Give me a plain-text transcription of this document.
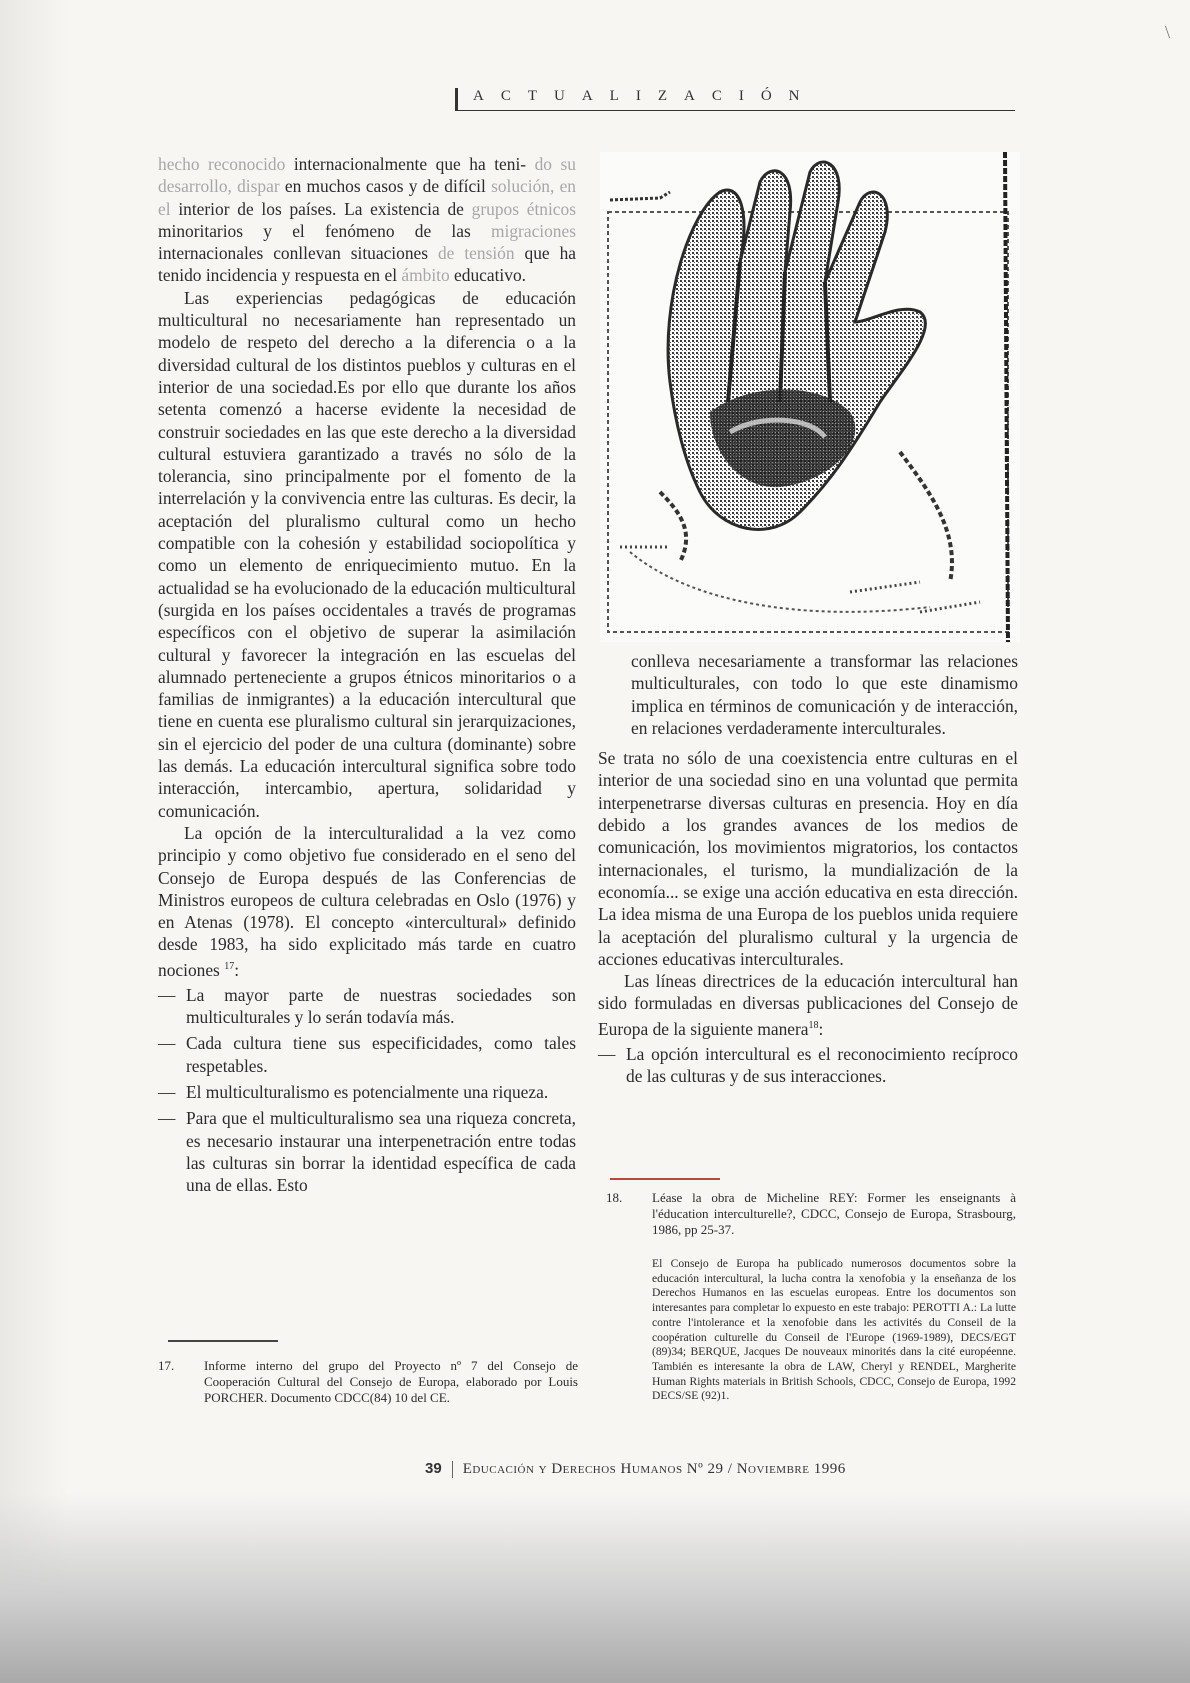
\
ACTUALIZACIÓN

hecho reconocido internacionalmente que ha teni- do su desarrollo, dispar en muchos casos y de difícil solución, en el interior de los países. La existencia de grupos étnicos minoritarios y el fenómeno de las migraciones internacionales conllevan situaciones de tensión que ha tenido incidencia y respuesta en el ámbito educativo.

Las experiencias pedagógicas de educación multicultural no necesariamente han representado un modelo de respeto del derecho a la diferencia o a la diversidad cultural de los distintos pueblos y culturas en el interior de una sociedad.Es por ello que durante los años setenta comenzó a hacerse evidente la necesidad de construir sociedades en las que este derecho a la diversidad cultural estuviera garantizado a través no sólo de la tolerancia, sino principalmente por el fomento de la interrelación y la convivencia entre las culturas. Es decir, la aceptación del pluralismo cultural como un hecho compatible con la cohesión y estabilidad sociopolítica y como un elemento de enriquecimiento mutuo. En la actualidad se ha evolucionado de la educación multicultural (surgida en los países occidentales a través de programas específicos con el objetivo de superar la asimilación cultural y favorecer la integración en las escuelas del alumnado perteneciente a grupos étnicos minoritarios o a familias de inmigrantes) a la educación intercultural que tiene en cuenta ese pluralismo cultural sin jerarquizaciones, sin el ejercicio del poder de una cultura (dominante) sobre las demás. La educación intercultural significa sobre todo interacción, intercambio, apertura, solidaridad y comunicación.

La opción de la interculturalidad a la vez como principio y como objetivo fue considerado en el seno del Consejo de Europa después de las Conferencias de Ministros europeos de cultura celebradas en Oslo (1976) y en Atenas (1978). El concepto «intercultural» definido desde 1983, ha sido explicitado más tarde en cuatro nociones $^{17}$:

— La mayor parte de nuestras sociedades son multiculturales y lo serán todavía más.
— Cada cultura tiene sus especificidades, como tales respetables.
— El multiculturalismo es potencialmente una riqueza.
— Para que el multiculturalismo sea una riqueza concreta, es necesario instaurar una interpenetración entre todas las culturas sin borrar la identidad específica de cada una de ellas. Esto
conlleva necesariamente a transformar las relaciones multiculturales, con todo lo que este dinamismo implica en términos de comunicación y de interacción, en relaciones verdaderamente interculturales.

Se trata no sólo de una coexistencia entre culturas en el interior de una sociedad sino en una voluntad que permita interpenetrarse diversas culturas en presencia. Hoy en día debido a los grandes avances de los medios de comunicación, los movimientos migratorios, los contactos internacionales, el turismo, la mundialización de la economía... se exige una acción educativa en esta dirección. La idea misma de una Europa de los pueblos unida requiere la aceptación del pluralismo cultural y la urgencia de acciones educativas interculturales.

Las líneas directrices de la educación intercultural han sido formuladas en diversas publicaciones del Consejo de Europa de la siguiente manera$^{18}$:

— La opción intercultural es el reconocimiento recíproco de las culturas y de sus interacciones.
17. Informe interno del grupo del Proyecto nº 7 del Consejo de Cooperación Cultural del Consejo de Europa, elaborado por Louis PORCHER. Documento CDCC(84) 10 del CE.
18. Léase la obra de Micheline REY: Former les enseignants à l'éducation interculturelle?, CDCC, Consejo de Europa, Strasbourg, 1986, pp 25-37.
El Consejo de Europa ha publicado numerosos documentos sobre la educación intercultural, la lucha contra la xenofobia y la enseñanza de los Derechos Humanos en las escuelas europeas. Entre los documentos son interesantes para completar lo expuesto en este trabajo: PEROTTI A.: La lutte contre l'intolerance et la xenofobie dans les activités du Conseil de la coopération culturelle du Conseil de l'Europe (1969-1989), DECS/EGT (89)34; BERQUE, Jacques De nouveaux minorités dans la cité européenne. También es interesante la obra de LAW, Cheryl y RENDEL, Margherite Human Rights materials in British Schools, CDCC, Consejo de Europa, 1992 DECS/SE (92)1.
39 Educación y Derechos Humanos Nº 29 / Noviembre 1996
